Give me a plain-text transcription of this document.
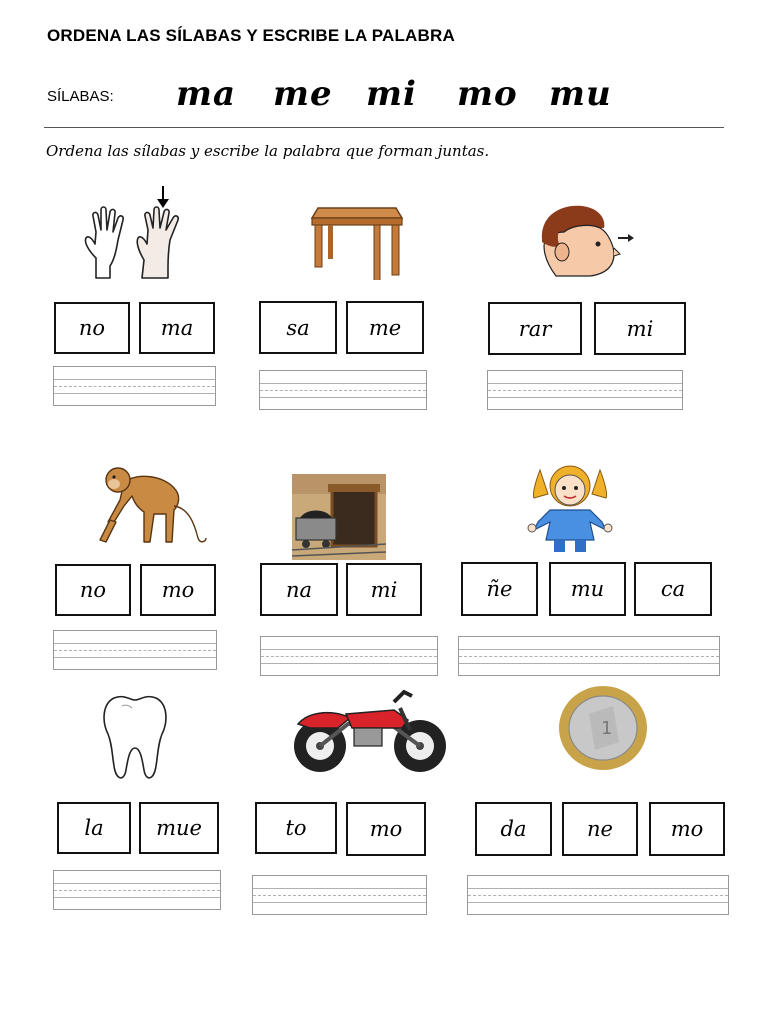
ORDENA LAS SÍLABAS Y ESCRIBE LA PALABRA
SÍLABAS: ma me mi mo mu
Ordena las sílabas y escribe la palabra que forman juntas.
no	ma	sa	me	rar	mi
no	mo	na	mi	ñe	mu	ca
1
la	mue	to	mo	da	ne	mo
